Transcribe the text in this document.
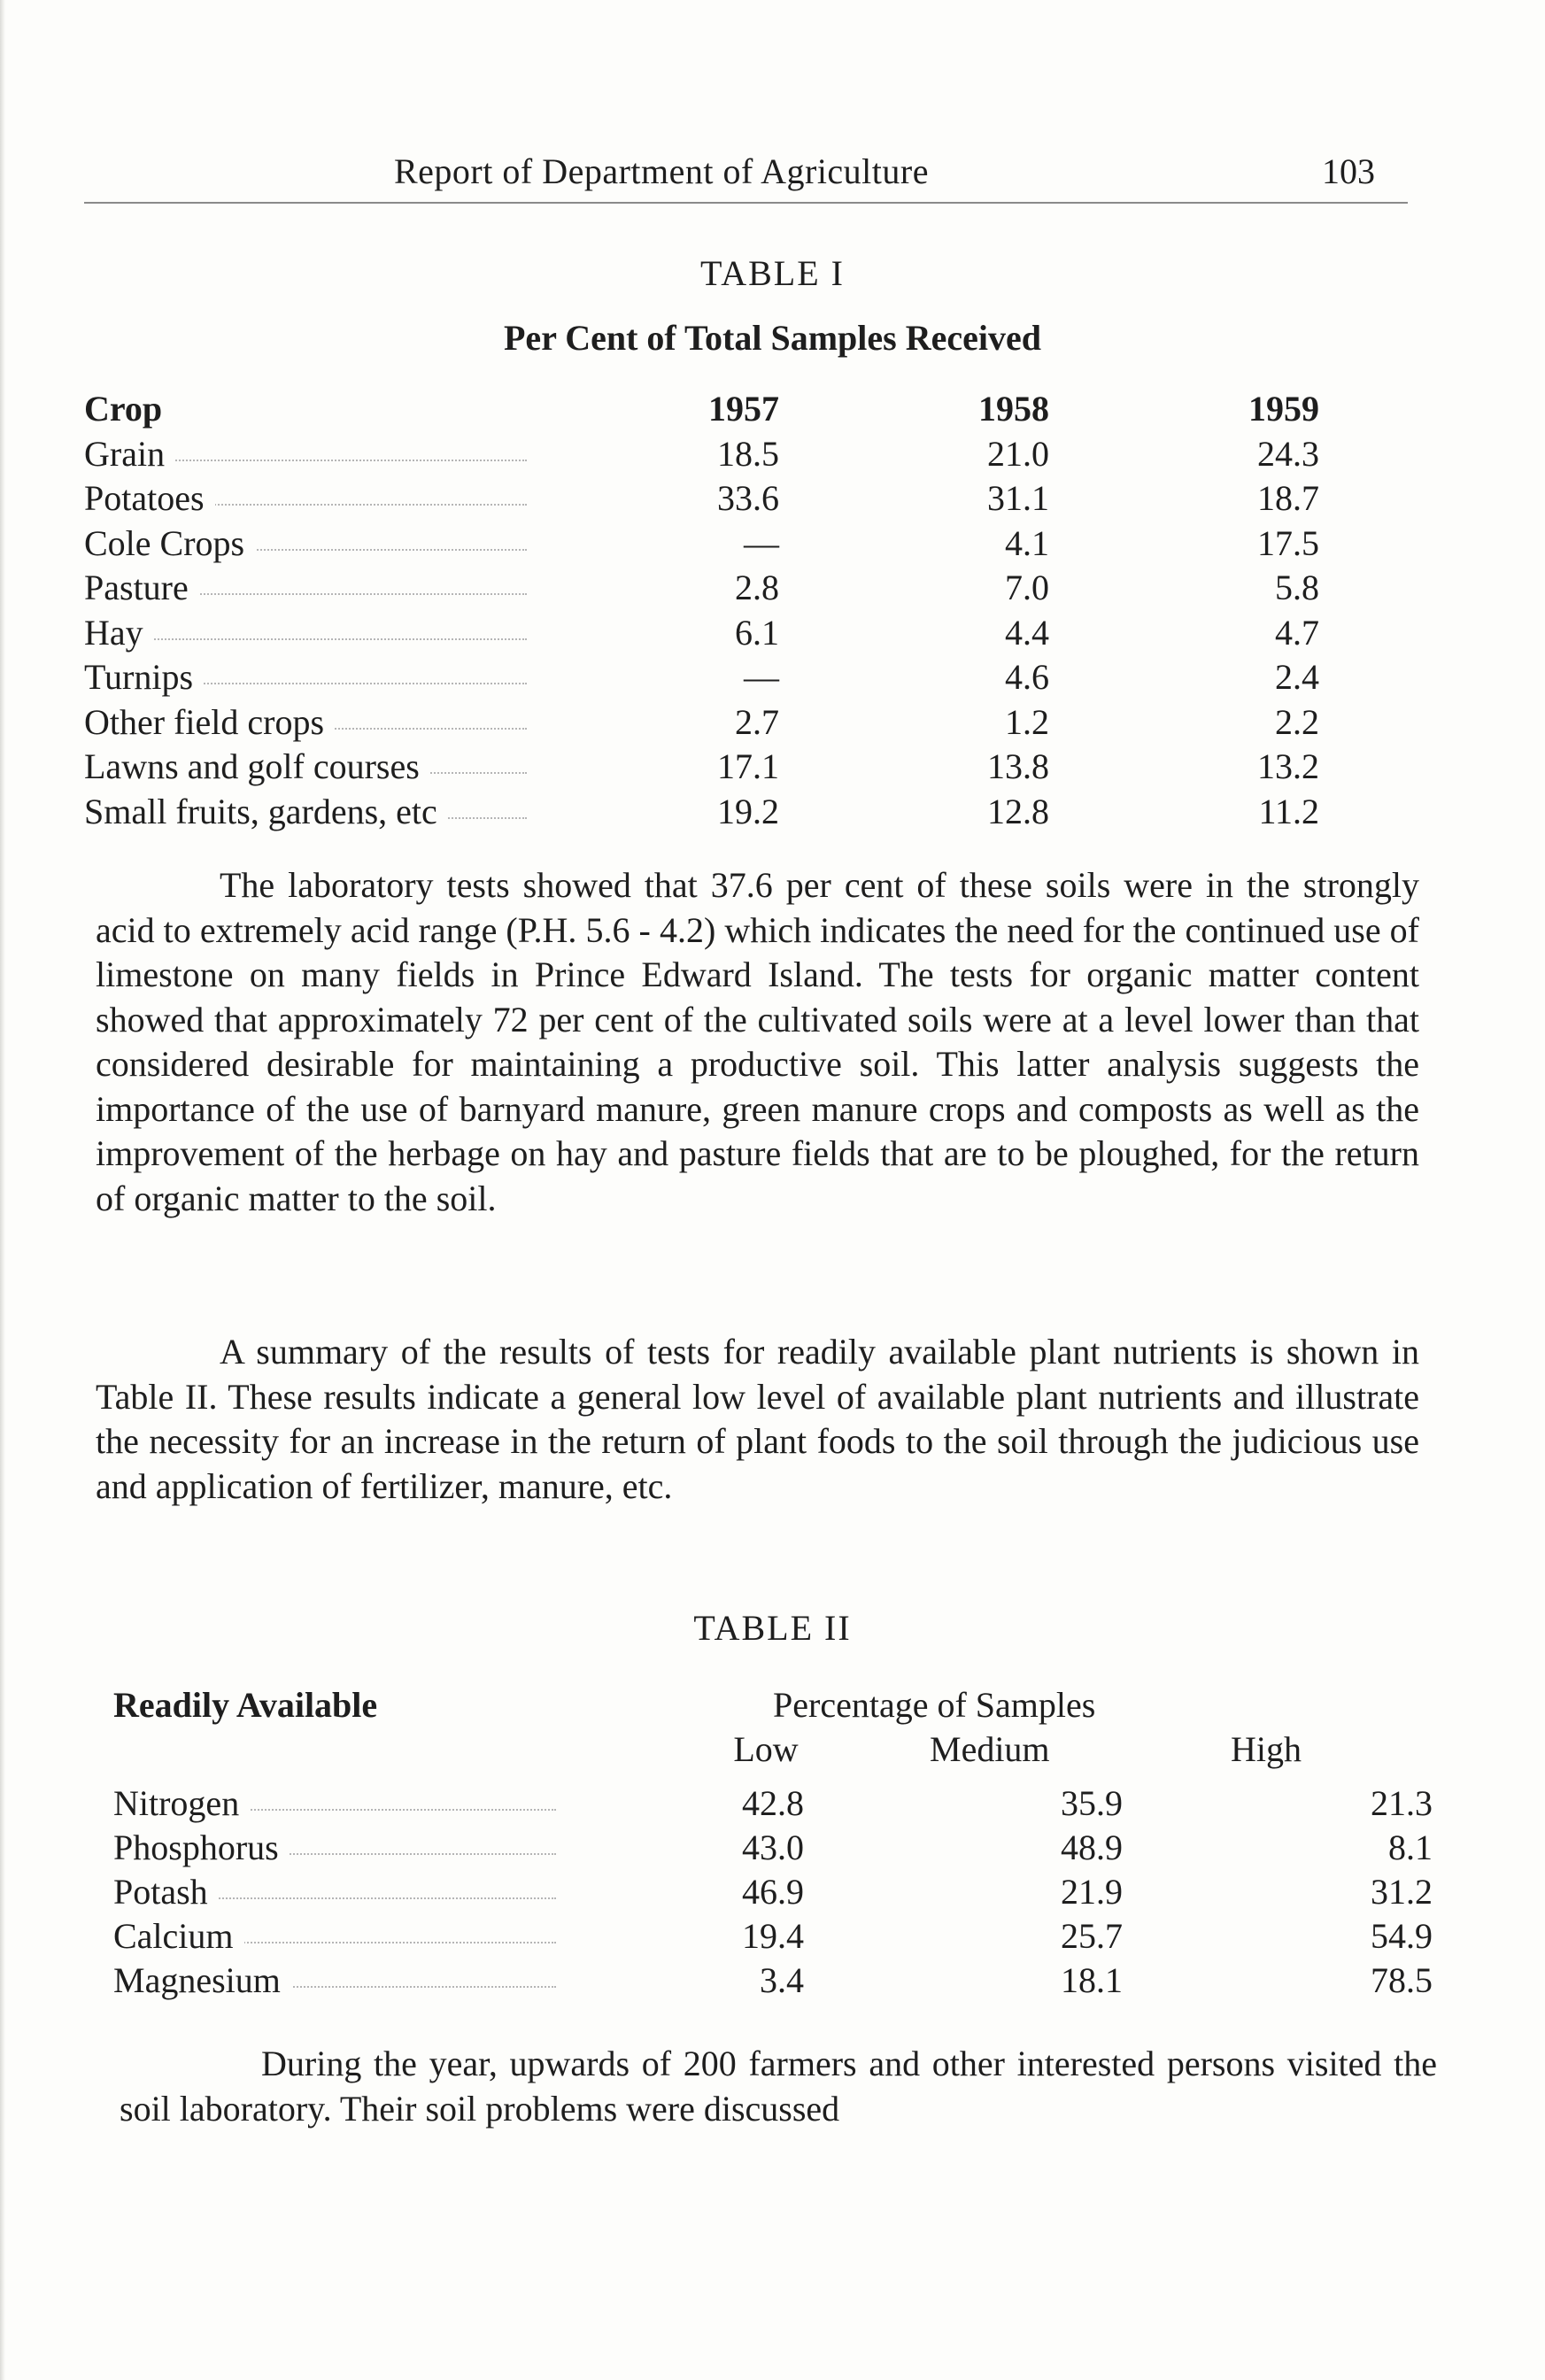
Report of Department of Agriculture	103
TABLE I
Per Cent of Total Samples Received
Crop	1957	1958	1959
Grain	18.5	21.0	24.3
Potatoes	33.6	31.1	18.7
Cole Crops	—	4.1	17.5
Pasture	2.8	7.0	5.8
Hay	6.1	4.4	4.7
Turnips	—	4.6	2.4
Other field crops	2.7	1.2	2.2
Lawns and golf courses	17.1	13.8	13.2
Small fruits, gardens, etc	19.2	12.8	11.2
The laboratory tests showed that 37.6 per cent of these soils were in the strongly acid to extremely acid range (P.H. 5.6 - 4.2) which indicates the need for the continued use of limestone on many fields in Prince Edward Island. The tests for organic matter content showed that approximately 72 per cent of the cultivated soils were at a level lower than that considered desirable for maintaining a productive soil. This latter analysis suggests the importance of the use of barnyard manure, green manure crops and composts as well as the improvement of the herbage on hay and pasture fields that are to be ploughed, for the return of organic matter to the soil.
A summary of the results of tests for readily available plant nutrients is shown in Table II. These results indicate a general low level of available plant nutrients and illustrate the necessity for an increase in the return of plant foods to the soil through the judicious use and application of fertilizer, manure, etc.
TABLE II
Readily Available	Percentage of Samples
Low	Medium	High
Nitrogen	42.8	35.9	21.3
Phosphorus	43.0	48.9	8.1
Potash	46.9	21.9	31.2
Calcium	19.4	25.7	54.9
Magnesium	3.4	18.1	78.5
During the year, upwards of 200 farmers and other interested persons visited the soil laboratory. Their soil problems were discussed
